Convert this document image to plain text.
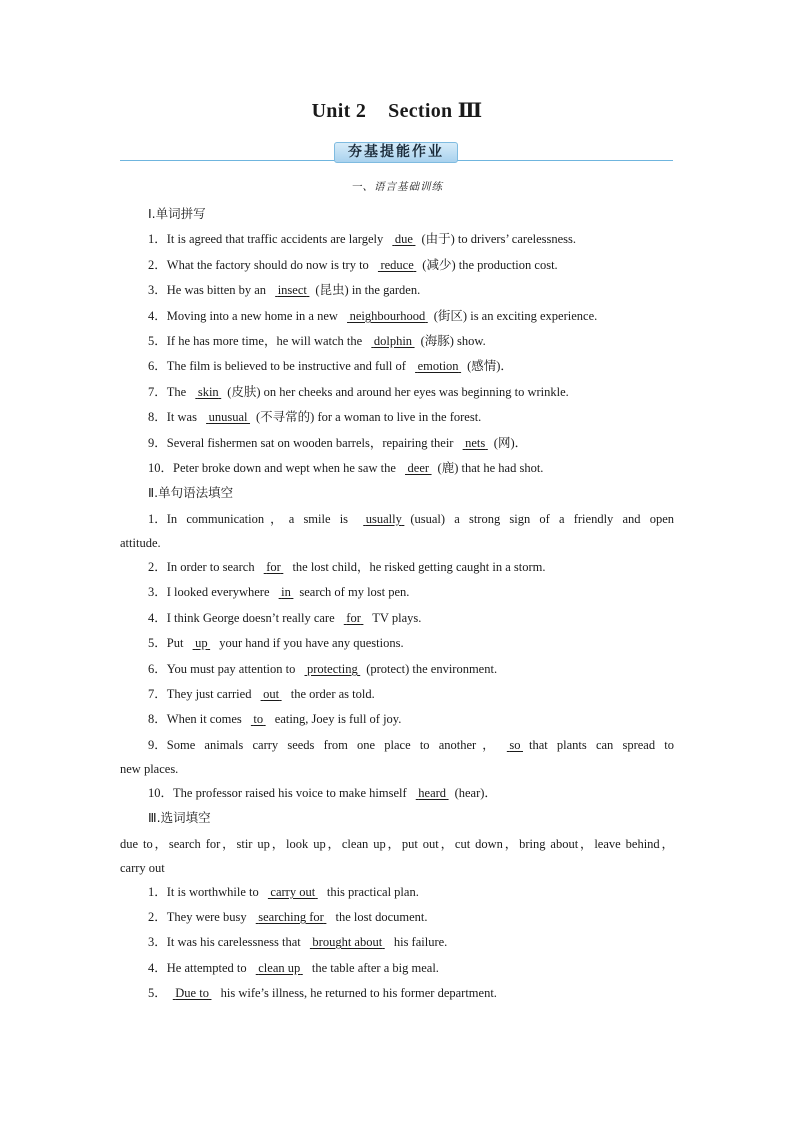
Unit 2 Section Ⅲ
夯基提能作业
一、语言基础训练
Ⅰ.单词拼写
1．It is agreed that traffic accidents are largely due (由于) to drivers’ carelessness.
2．What the factory should do now is try to reduce (减少) the production cost.
3．He was bitten by an insect (昆虫) in the garden.
4．Moving into a new home in a new neighbourhood (街区) is an exciting experience.
5．If he has more time，he will watch the dolphin (海豚) show.
6．The film is believed to be instructive and full of emotion (感情)．
7．The skin (皮肤) on her cheeks and around her eyes was beginning to wrinkle.
8．It was unusual (不寻常的) for a woman to live in the forest.
9．Several fishermen sat on wooden barrels，repairing their nets (网)．
10．Peter broke down and wept when he saw the deer (鹿) that he had shot.
Ⅱ.单句语法填空
1．In communication，a smile is usually (usual) a strong sign of a friendly and open
attitude.
2．In order to search for the lost child，he risked getting caught in a storm.
3．I looked everywhere in search of my lost pen.
4．I think George doesn’t really care for TV plays.
5．Put up your hand if you have any questions.
6．You must pay attention to protecting (protect) the environment.
7．They just carried out the order as told.
8．When it comes to eating, Joey is full of joy.
9．Some animals carry seeds from one place to another， so that plants can spread to
new places.
10．The professor raised his voice to make himself heard (hear)．
Ⅲ.选词填空
due to，search for，stir up，look up，clean up，put out，cut down，bring about，leave behind，
carry out
1．It is worthwhile to carry out this practical plan.
2．They were busy searching for the lost document.
3．It was his carelessness that brought about his failure.
4．He attempted to clean up the table after a big meal.
5． Due to his wife’s illness, he returned to his former department.
